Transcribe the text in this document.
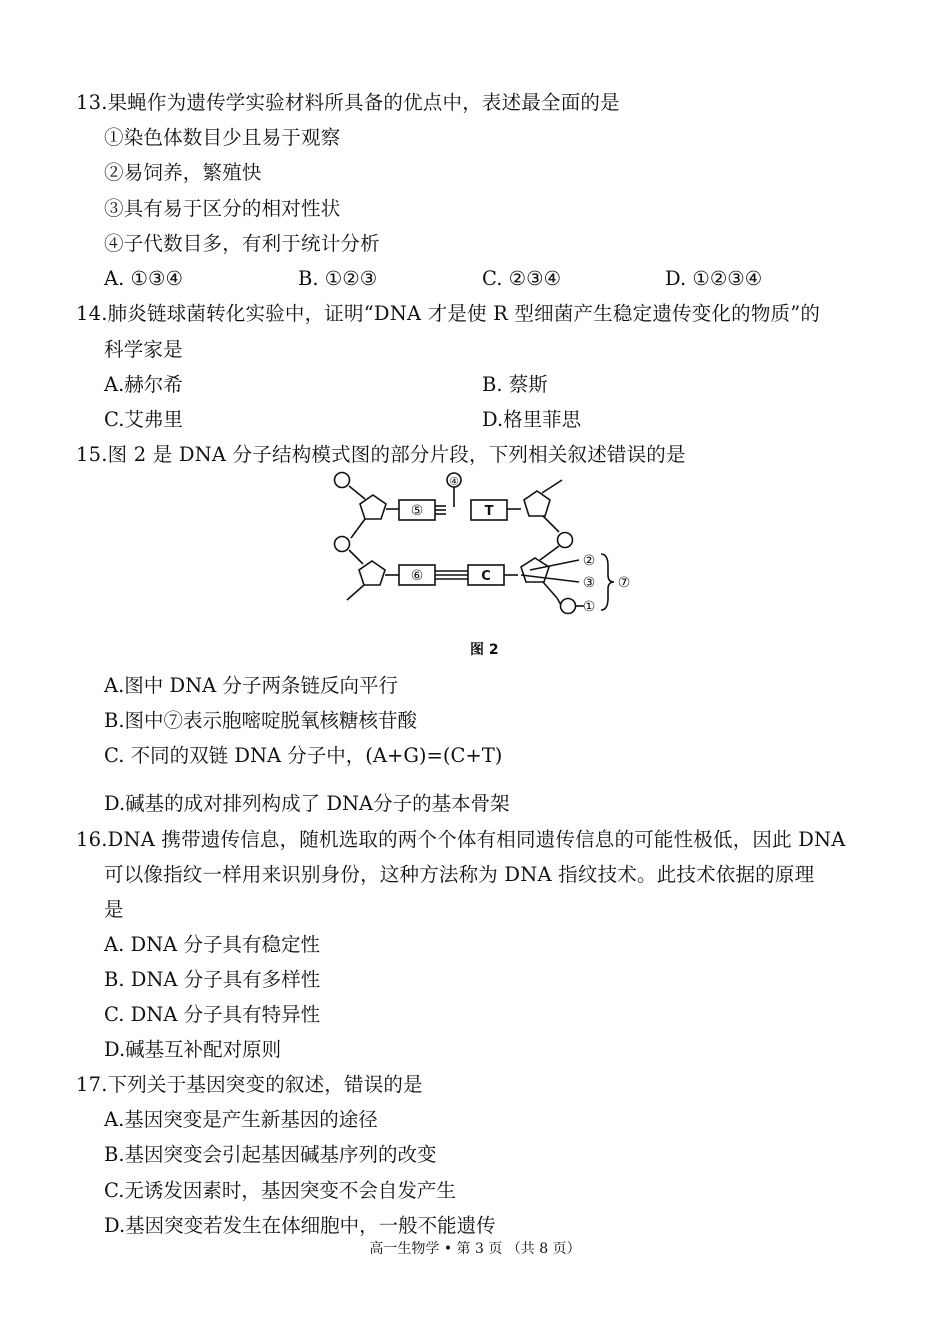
13.果蝇作为遗传学实验材料所具备的优点中，表述最全面的是
①染色体数目少且易于观察
②易饲养，繁殖快
③具有易于区分的相对性状
④子代数目多，有利于统计分析
A. ①③④	B. ①②③	C. ②③④	D. ①②③④
14.肺炎链球菌转化实验中，证明“DNA 才是使 R 型细菌产生稳定遗传变化的物质”的
科学家是
A.赫尔希	B. 蔡斯
C.艾弗里	D.格里菲思
15.图 2 是 DNA 分子结构模式图的部分片段，下列相关叙述错误的是
④
⑤	T
⑥	C
②
③
①
⑦
图 2
A.图中 DNA 分子两条链反向平行
B.图中⑦表示胞嘧啶脱氧核糖核苷酸
C. 不同的双链 DNA 分子中，(A+G)=(C+T)
D.碱基的成对排列构成了 DNA分子的基本骨架
16.DNA 携带遗传信息，随机选取的两个个体有相同遗传信息的可能性极低，因此 DNA
可以像指纹一样用来识别身份，这种方法称为 DNA 指纹技术。此技术依据的原理
是
A. DNA 分子具有稳定性
B. DNA 分子具有多样性
C. DNA 分子具有特异性
D.碱基互补配对原则
17.下列关于基因突变的叙述，错误的是
A.基因突变是产生新基因的途径
B.基因突变会引起基因碱基序列的改变
C.无诱发因素时，基因突变不会自发产生
D.基因突变若发生在体细胞中，一般不能遗传
高一生物学 • 第 3 页 （共 8 页）
